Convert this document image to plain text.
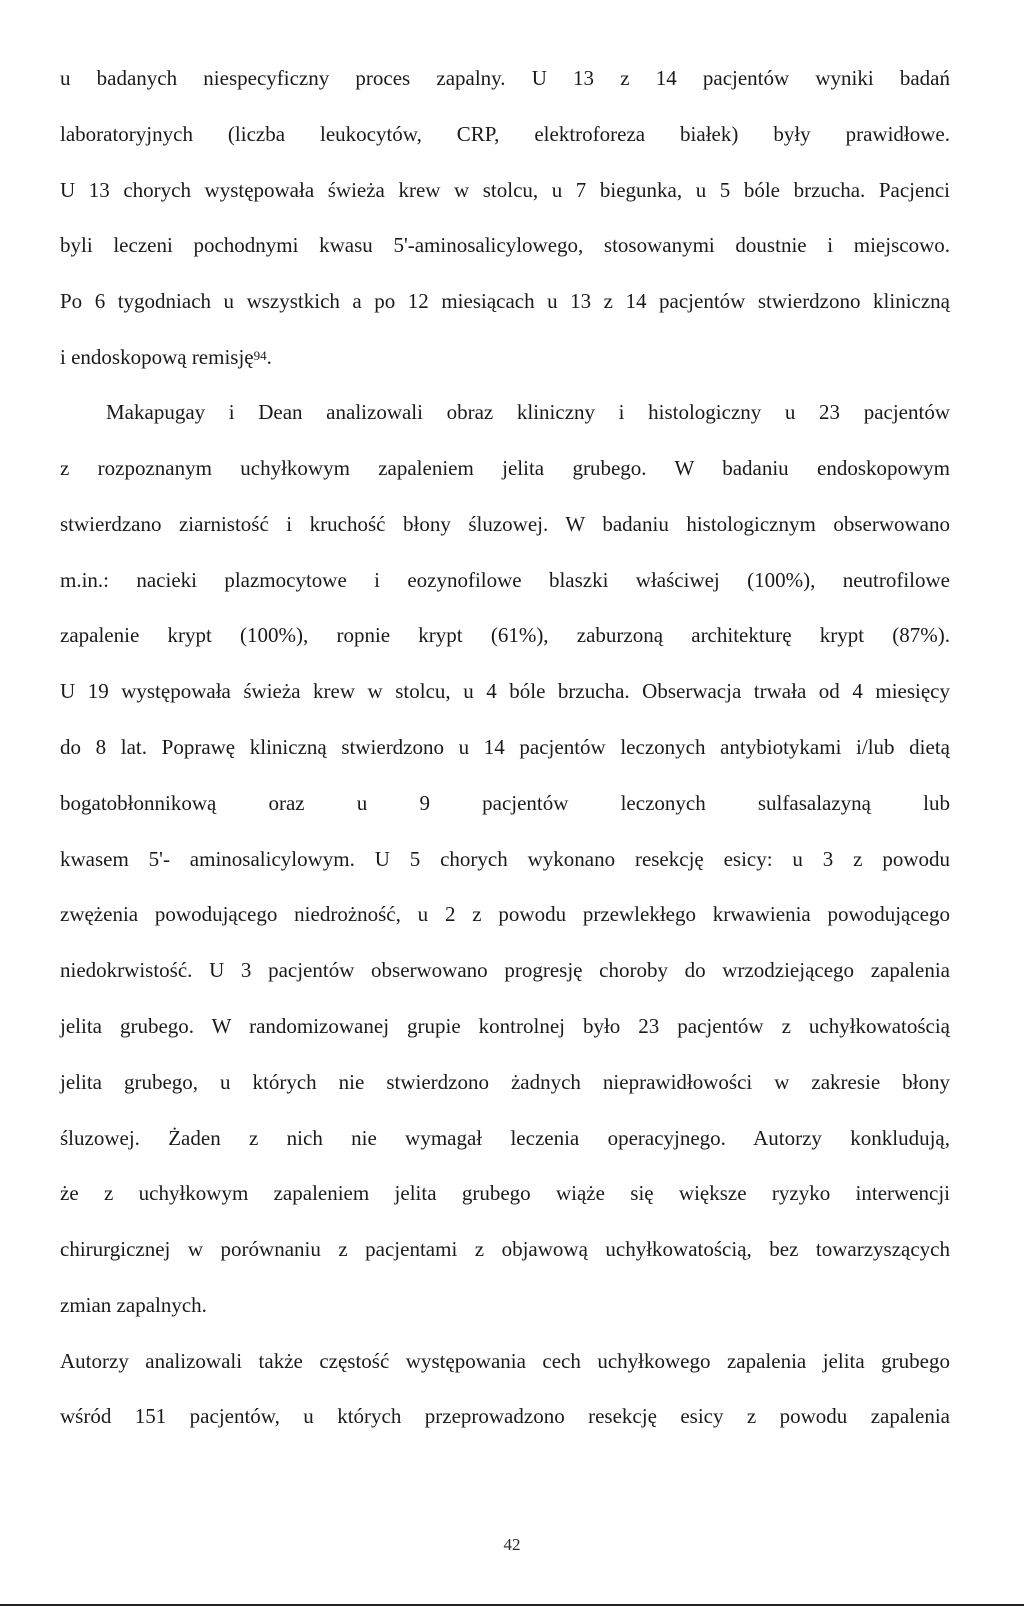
u badanych niespecyficzny proces zapalny. U 13 z 14 pacjentów wyniki badań
laboratoryjnych (liczba leukocytów, CRP, elektroforeza białek) były prawidłowe.
U 13 chorych występowała świeża krew w stolcu, u 7 biegunka, u 5 bóle brzucha. Pacjenci
byli leczeni pochodnymi kwasu 5'-aminosalicylowego, stosowanymi doustnie i miejscowo.
Po 6 tygodniach u wszystkich a po 12 miesiącach u 13 z 14 pacjentów stwierdzono kliniczną
i endoskopową remisję$^{94}$.
Makapugay i Dean analizowali obraz kliniczny i histologiczny u 23 pacjentów
z rozpoznanym uchyłkowym zapaleniem jelita grubego. W badaniu endoskopowym
stwierdzano ziarnistość i kruchość błony śluzowej. W badaniu histologicznym obserwowano
m.in.: nacieki plazmocytowe i eozynofilowe blaszki właściwej (100%), neutrofilowe
zapalenie krypt (100%), ropnie krypt (61%), zaburzoną architekturę krypt (87%).
U 19 występowała świeża krew w stolcu, u 4 bóle brzucha. Obserwacja trwała od 4 miesięcy
do 8 lat. Poprawę kliniczną stwierdzono u 14 pacjentów leczonych antybiotykami i/lub dietą
bogatobłonnikową oraz u 9 pacjentów leczonych sulfasalazyną lub
kwasem 5'- aminosalicylowym. U 5 chorych wykonano resekcję esicy: u 3 z powodu
zwężenia powodującego niedrożność, u 2 z powodu przewlekłego krwawienia powodującego
niedokrwistość. U 3 pacjentów obserwowano progresję choroby do wrzodziejącego zapalenia
jelita grubego. W randomizowanej grupie kontrolnej było 23 pacjentów z uchyłkowatością
jelita grubego, u których nie stwierdzono żadnych nieprawidłowości w zakresie błony
śluzowej. Żaden z nich nie wymagał leczenia operacyjnego. Autorzy konkludują,
że z uchyłkowym zapaleniem jelita grubego wiąże się większe ryzyko interwencji
chirurgicznej w porównaniu z pacjentami z objawową uchyłkowatością, bez towarzyszących
zmian zapalnych.
Autorzy analizowali także częstość występowania cech uchyłkowego zapalenia jelita grubego
wśród 151 pacjentów, u których przeprowadzono resekcję esicy z powodu zapalenia
42
